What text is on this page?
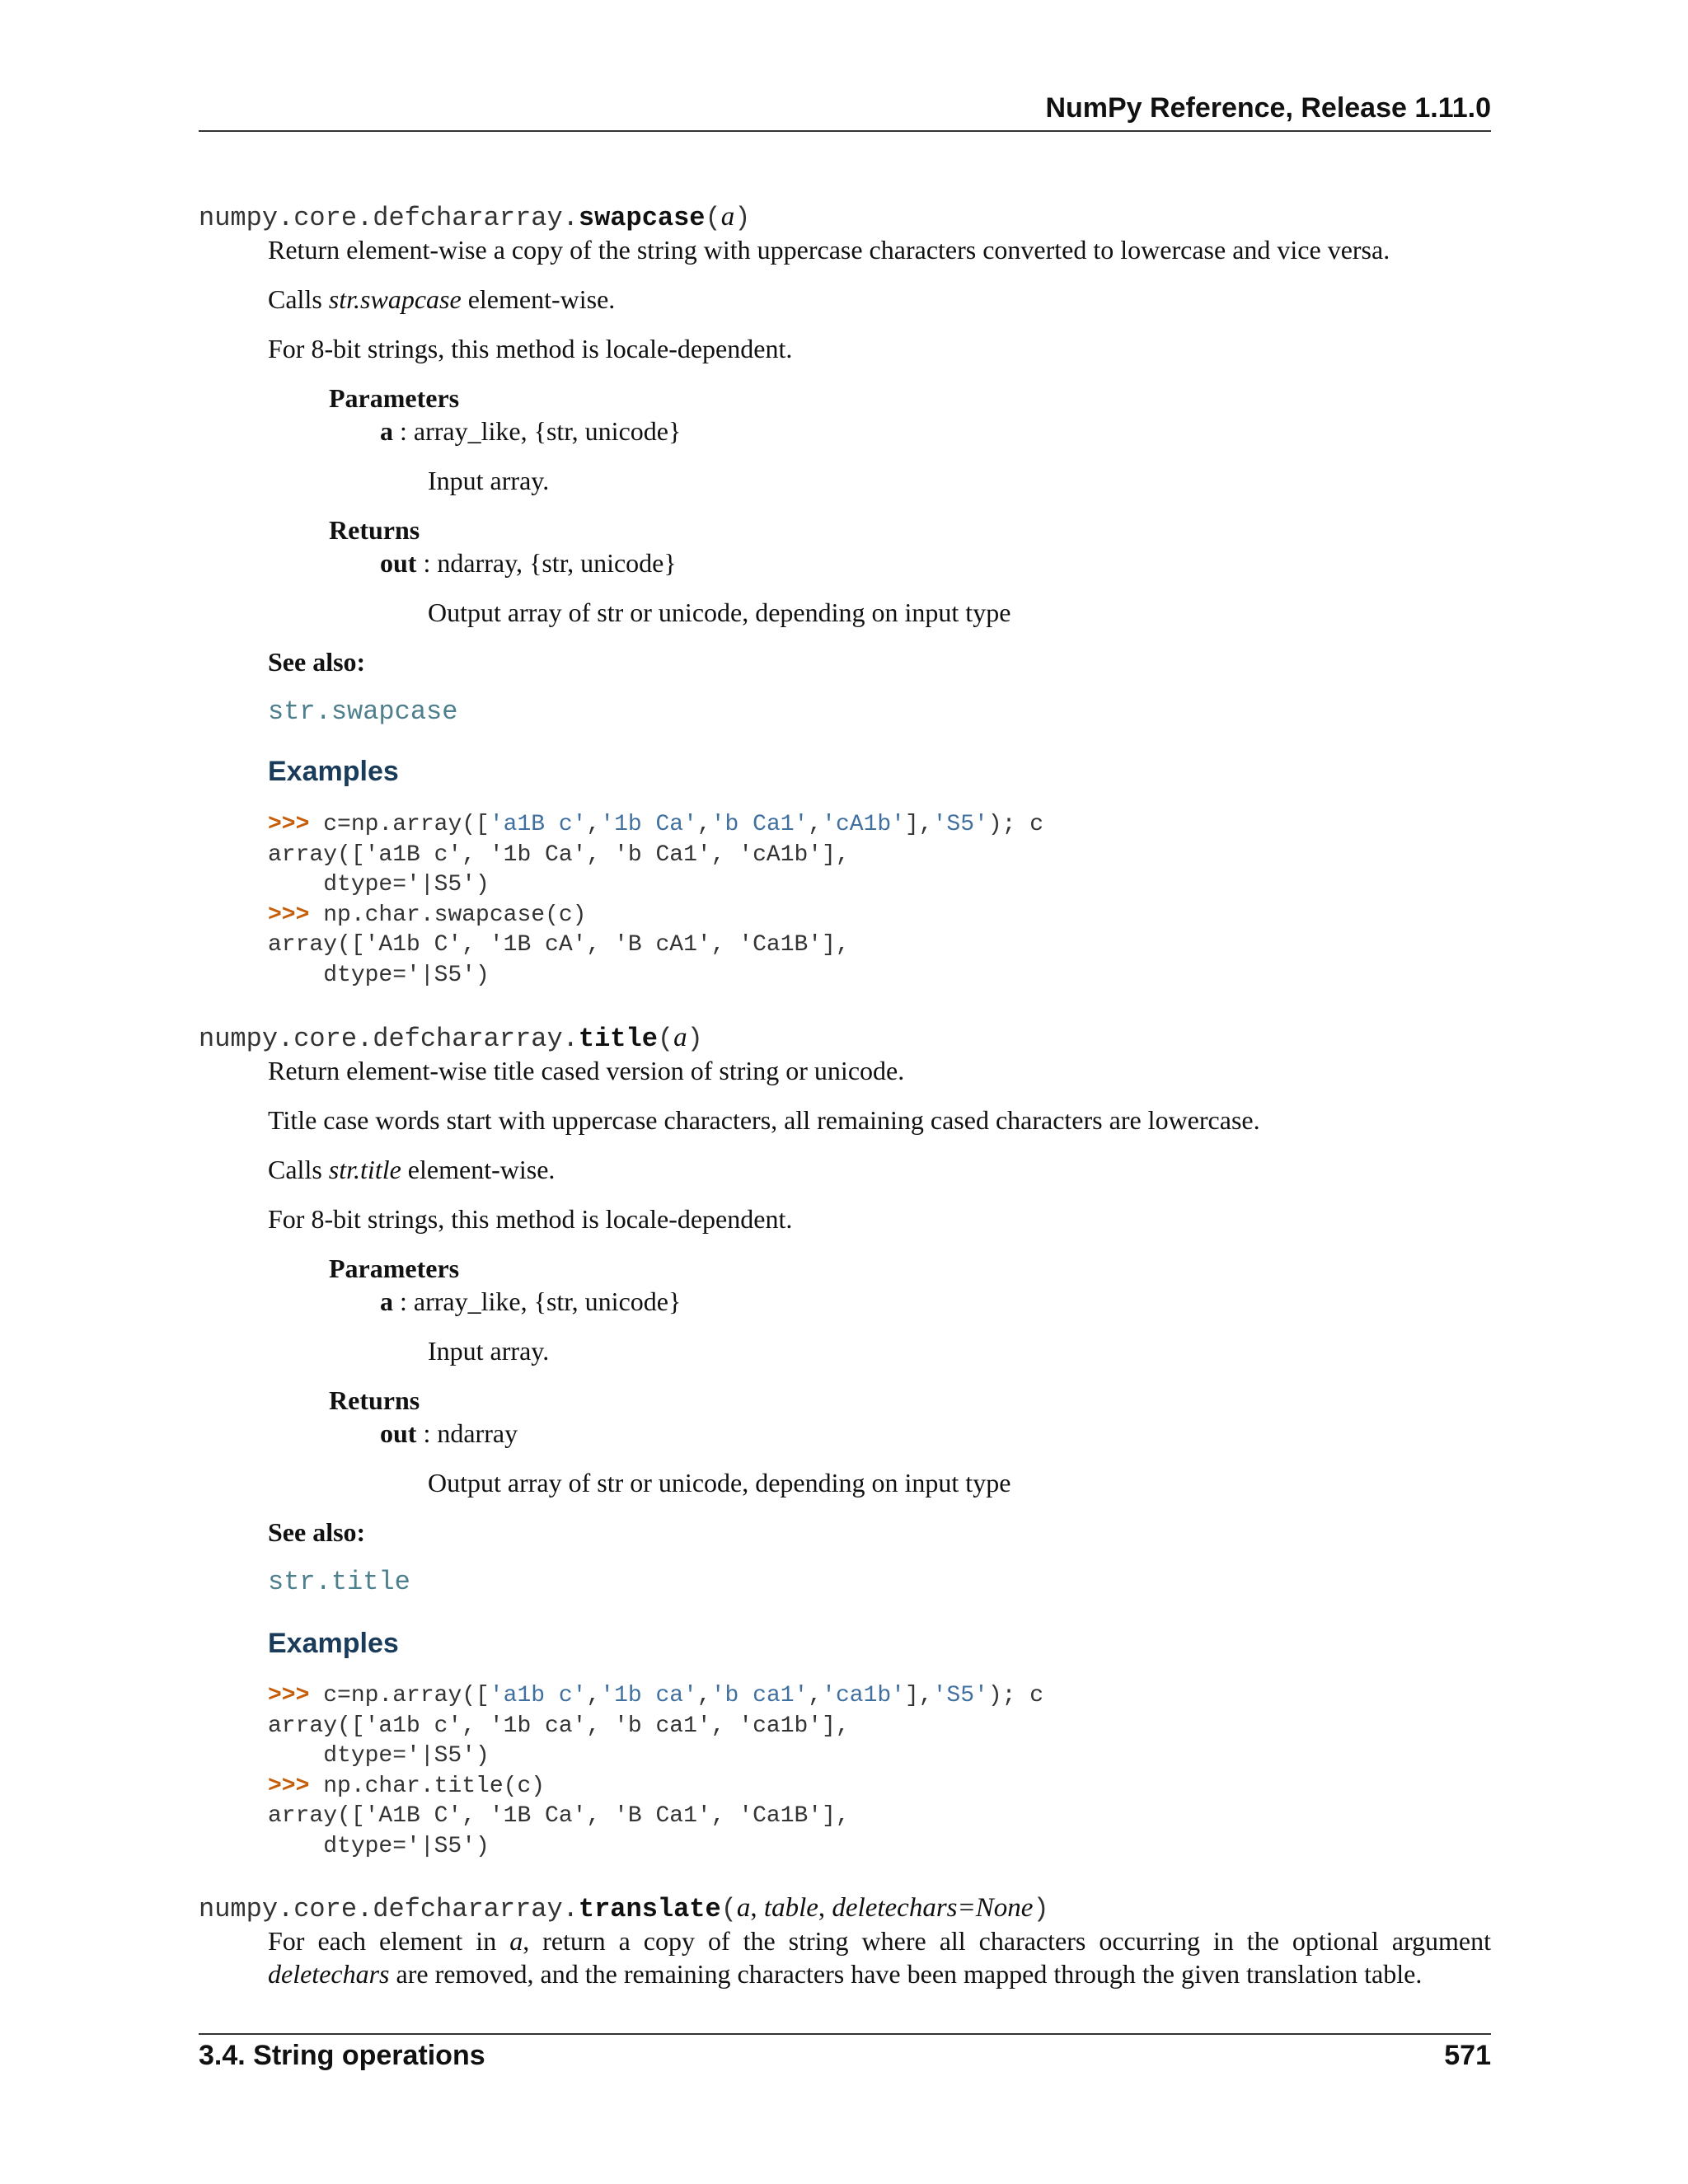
NumPy Reference, Release 1.11.0
numpy.core.defchararray.swapcase(a)
Return element-wise a copy of the string with uppercase characters converted to lowercase and vice versa.
Calls str.swapcase element-wise.
For 8-bit strings, this method is locale-dependent.
Parameters
a : array_like, {str, unicode}
Input array.
Returns
out : ndarray, {str, unicode}
Output array of str or unicode, depending on input type
See also:
str.swapcase
Examples
>>> c=np.array(['a1B c','1b Ca','b Ca1','cA1b'],'S5'); c
array(['a1B c', '1b Ca', 'b Ca1', 'cA1b'],
dtype='|S5')
>>> np.char.swapcase(c)
array(['A1b C', '1B cA', 'B cA1', 'Ca1B'],
dtype='|S5')
numpy.core.defchararray.title(a)
Return element-wise title cased version of string or unicode.
Title case words start with uppercase characters, all remaining cased characters are lowercase.
Calls str.title element-wise.
For 8-bit strings, this method is locale-dependent.
Parameters
a : array_like, {str, unicode}
Input array.
Returns
out : ndarray
Output array of str or unicode, depending on input type
See also:
str.title
Examples
>>> c=np.array(['a1b c','1b ca','b ca1','ca1b'],'S5'); c
array(['a1b c', '1b ca', 'b ca1', 'ca1b'],
dtype='|S5')
>>> np.char.title(c)
array(['A1B C', '1B Ca', 'B Ca1', 'Ca1B'],
dtype='|S5')
numpy.core.defchararray.translate(a, table, deletechars=None)
For each element in a, return a copy of the string where all characters occurring in the optional argument deletechars are removed, and the remaining characters have been mapped through the given translation table.
3.4. String operations	571
